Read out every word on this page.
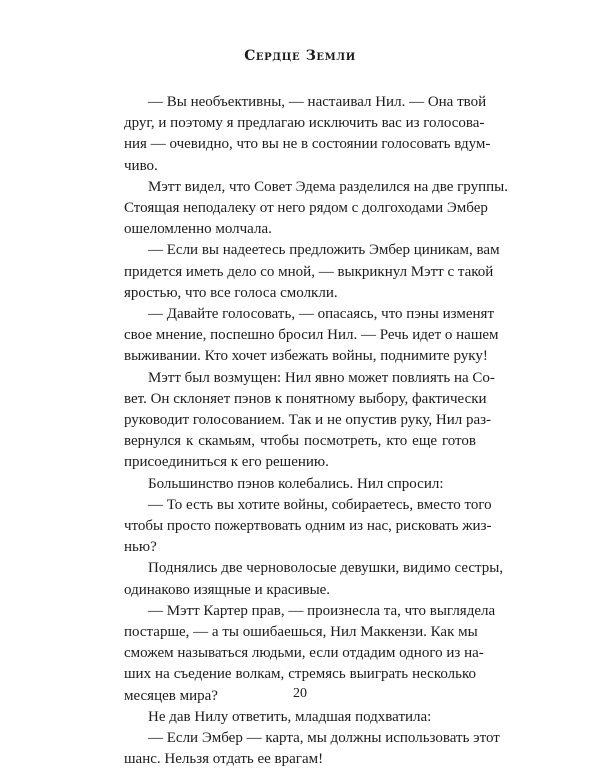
Сердце Земли

— Вы необъективны, — настаивал Нил. — Она твой
друг, и поэтому я предлагаю исключить вас из голосова-
ния — очевидно, что вы не в состоянии голосовать вдум-
чиво.

Мэтт видел, что Совет Эдема разделился на две группы.
Стоящая неподалеку от него рядом с долгоходами Эмбер
ошеломленно молчала.

— Если вы надеетесь предложить Эмбер циникам, вам
придется иметь дело со мной, — выкрикнул Мэтт с такой
яростью, что все голоса смолкли.

— Давайте голосовать, — опасаясь, что пэны изменят
свое мнение, поспешно бросил Нил. — Речь идет о нашем
выживании. Кто хочет избежать войны, поднимите руку!

Мэтт был возмущен: Нил явно может повлиять на Со-
вет. Он склоняет пэнов к понятному выбору, фактически
руководит голосованием. Так и не опустив руку, Нил раз-
вернулся к скамьям, чтобы посмотреть, кто еще готов
присоединиться к его решению.

Большинство пэнов колебались. Нил спросил:

— То есть вы хотите войны, собираетесь, вместо того
чтобы просто пожертвовать одним из нас, рисковать жиз-
нью?

Поднялись две черноволосые девушки, видимо сестры,
одинаково изящные и красивые.

— Мэтт Картер прав, — произнесла та, что выглядела
постарше, — а ты ошибаешься, Нил Маккензи. Как мы
сможем называться людьми, если отдадим одного из на-
ших на съедение волкам, стремясь выиграть несколько
месяцев мира?

Не дав Нилу ответить, младшая подхватила:

— Если Эмбер — карта, мы должны использовать этот
шанс. Нельзя отдать ее врагам!

20
